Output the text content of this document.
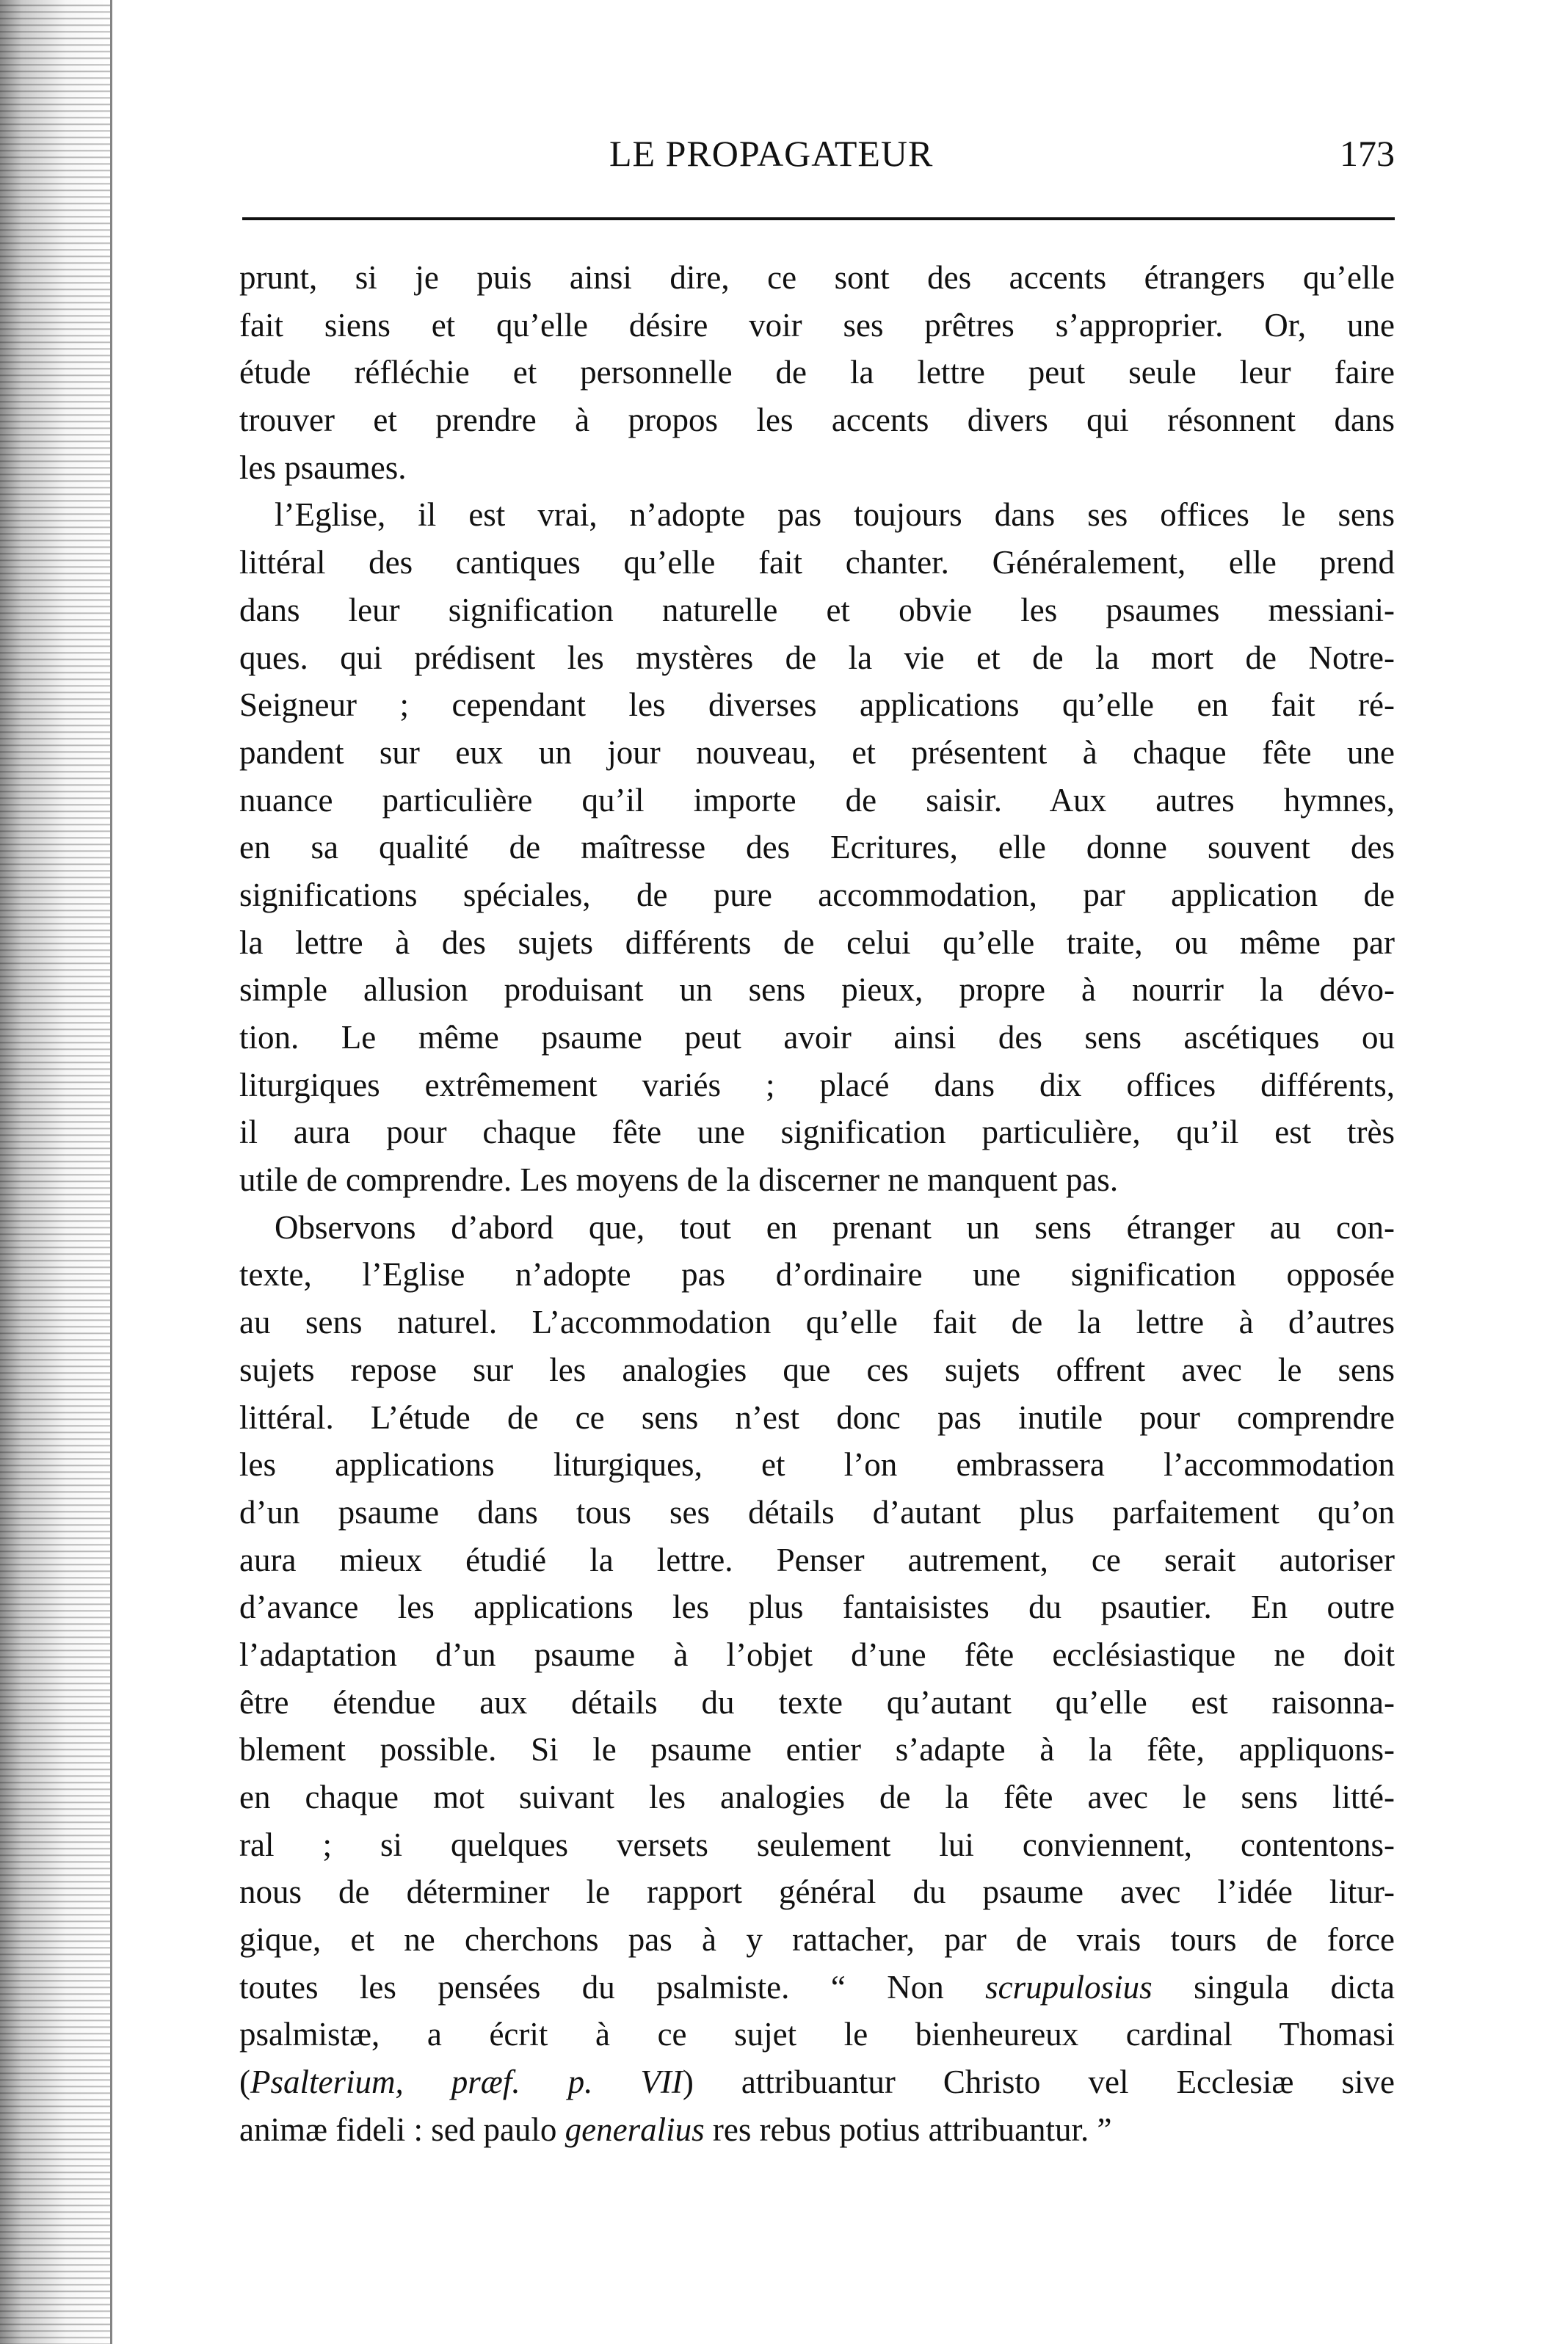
LE PROPAGATEUR	173
prunt, si je puis ainsi dire, ce sont des accents étrangers qu’elle
fait siens et qu’elle désire voir ses prêtres s’approprier. Or, une
étude réfléchie et personnelle de la lettre peut seule leur faire
trouver et prendre à propos les accents divers qui résonnent dans
les psaumes.
l’Eglise, il est vrai, n’adopte pas toujours dans ses offices le sens
littéral des cantiques qu’elle fait chanter. Généralement, elle prend
dans leur signification naturelle et obvie les psaumes messiani-
ques. qui prédisent les mystères de la vie et de la mort de Notre-
Seigneur ; cependant les diverses applications qu’elle en fait ré-
pandent sur eux un jour nouveau, et présentent à chaque fête une
nuance particulière qu’il importe de saisir. Aux autres hymnes,
en sa qualité de maîtresse des Ecritures, elle donne souvent des
significations spéciales, de pure accommodation, par application de
la lettre à des sujets différents de celui qu’elle traite, ou même par
simple allusion produisant un sens pieux, propre à nourrir la dévo-
tion. Le même psaume peut avoir ainsi des sens ascétiques ou
liturgiques extrêmement variés ; placé dans dix offices différents,
il aura pour chaque fête une signification particulière, qu’il est très
utile de comprendre. Les moyens de la discerner ne manquent pas.
Observons d’abord que, tout en prenant un sens étranger au con-
texte, l’Eglise n’adopte pas d’ordinaire une signification opposée
au sens naturel. L’accommodation qu’elle fait de la lettre à d’autres
sujets repose sur les analogies que ces sujets offrent avec le sens
littéral. L’étude de ce sens n’est donc pas inutile pour comprendre
les applications liturgiques, et l’on embrassera l’accommodation
d’un psaume dans tous ses détails d’autant plus parfaitement qu’on
aura mieux étudié la lettre. Penser autrement, ce serait autoriser
d’avance les applications les plus fantaisistes du psautier. En outre
l’adaptation d’un psaume à l’objet d’une fête ecclésiastique ne doit
être étendue aux détails du texte qu’autant qu’elle est raisonna-
blement possible. Si le psaume entier s’adapte à la fête, appliquons-
en chaque mot suivant les analogies de la fête avec le sens litté-
ral ; si quelques versets seulement lui conviennent, contentons-
nous de déterminer le rapport général du psaume avec l’idée litur-
gique, et ne cherchons pas à y rattacher, par de vrais tours de force
toutes les pensées du psalmiste. “ Non scrupulosius singula dicta
psalmistæ, a écrit à ce sujet le bienheureux cardinal Thomasi
(Psalterium, præf. p. VII) attribuantur Christo vel Ecclesiæ sive
animæ fideli : sed paulo generalius res rebus potius attribuantur. ”
